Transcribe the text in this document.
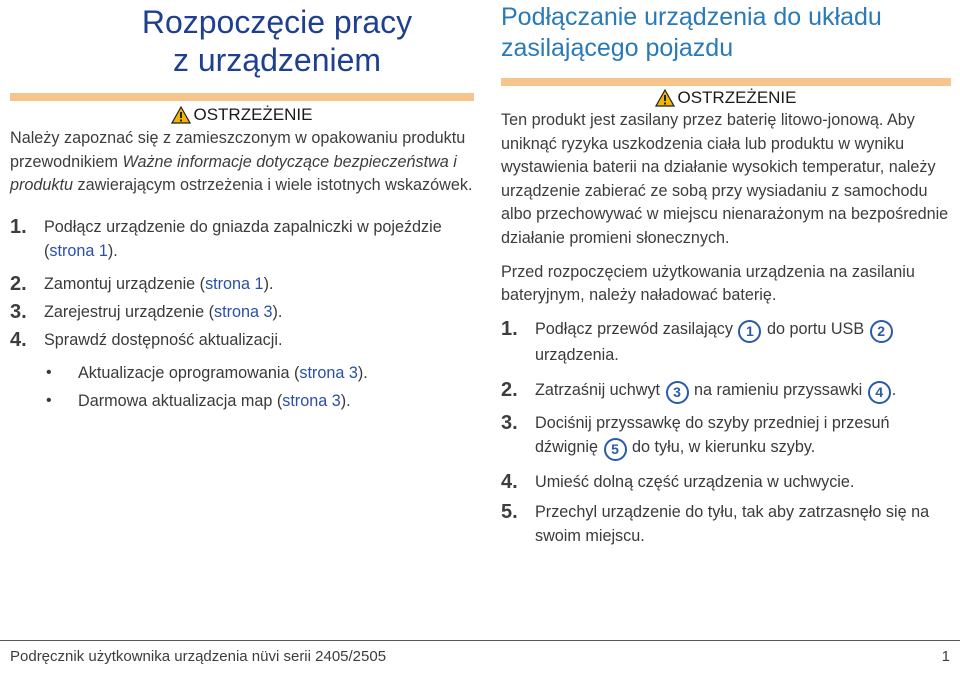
Rozpoczęcie pracy
z urządzeniem
OSTRZEŻENIE
Należy zapoznać się z zamieszczonym w opakowaniu produktu przewodnikiem Ważne informacje dotyczące bezpieczeństwa i produktu zawierającym ostrzeżenia i wiele istotnych wskazówek.
1.	Podłącz urządzenie do gniazda zapalniczki w pojeździe (strona 1).
2.	Zamontuj urządzenie (strona 1).
3.	Zarejestruj urządzenie (strona 3).
4.	Sprawdź dostępność aktualizacji.
•	Aktualizacje oprogramowania (strona 3).
•	Darmowa aktualizacja map (strona 3).
Podłączanie urządzenia do układu zasilającego pojazdu
OSTRZEŻENIE
Ten produkt jest zasilany przez baterię litowo-jonową. Aby uniknąć ryzyka uszkodzenia ciała lub produktu w wyniku wystawienia baterii na działanie wysokich temperatur, należy urządzenie zabierać ze sobą przy wysiadaniu z samochodu albo przechowywać w miejscu nienarażonym na bezpośrednie działanie promieni słonecznych.
Przed rozpoczęciem użytkowania urządzenia na zasilaniu bateryjnym, należy naładować baterię.
1.	Podłącz przewód zasilający 1 do portu USB 2 urządzenia.
2.	Zatrzaśnij uchwyt 3 na ramieniu przyssawki 4 .
3.	Dociśnij przyssawkę do szyby przedniej i przesuń dźwignię 5 do tyłu, w kierunku szyby.
4.	Umieść dolną część urządzenia w uchwycie.
5.	Przechyl urządzenie do tyłu, tak aby zatrzasnęło się na swoim miejscu.
Podręcznik użytkownika urządzenia nüvi serii 2405/2505	1
